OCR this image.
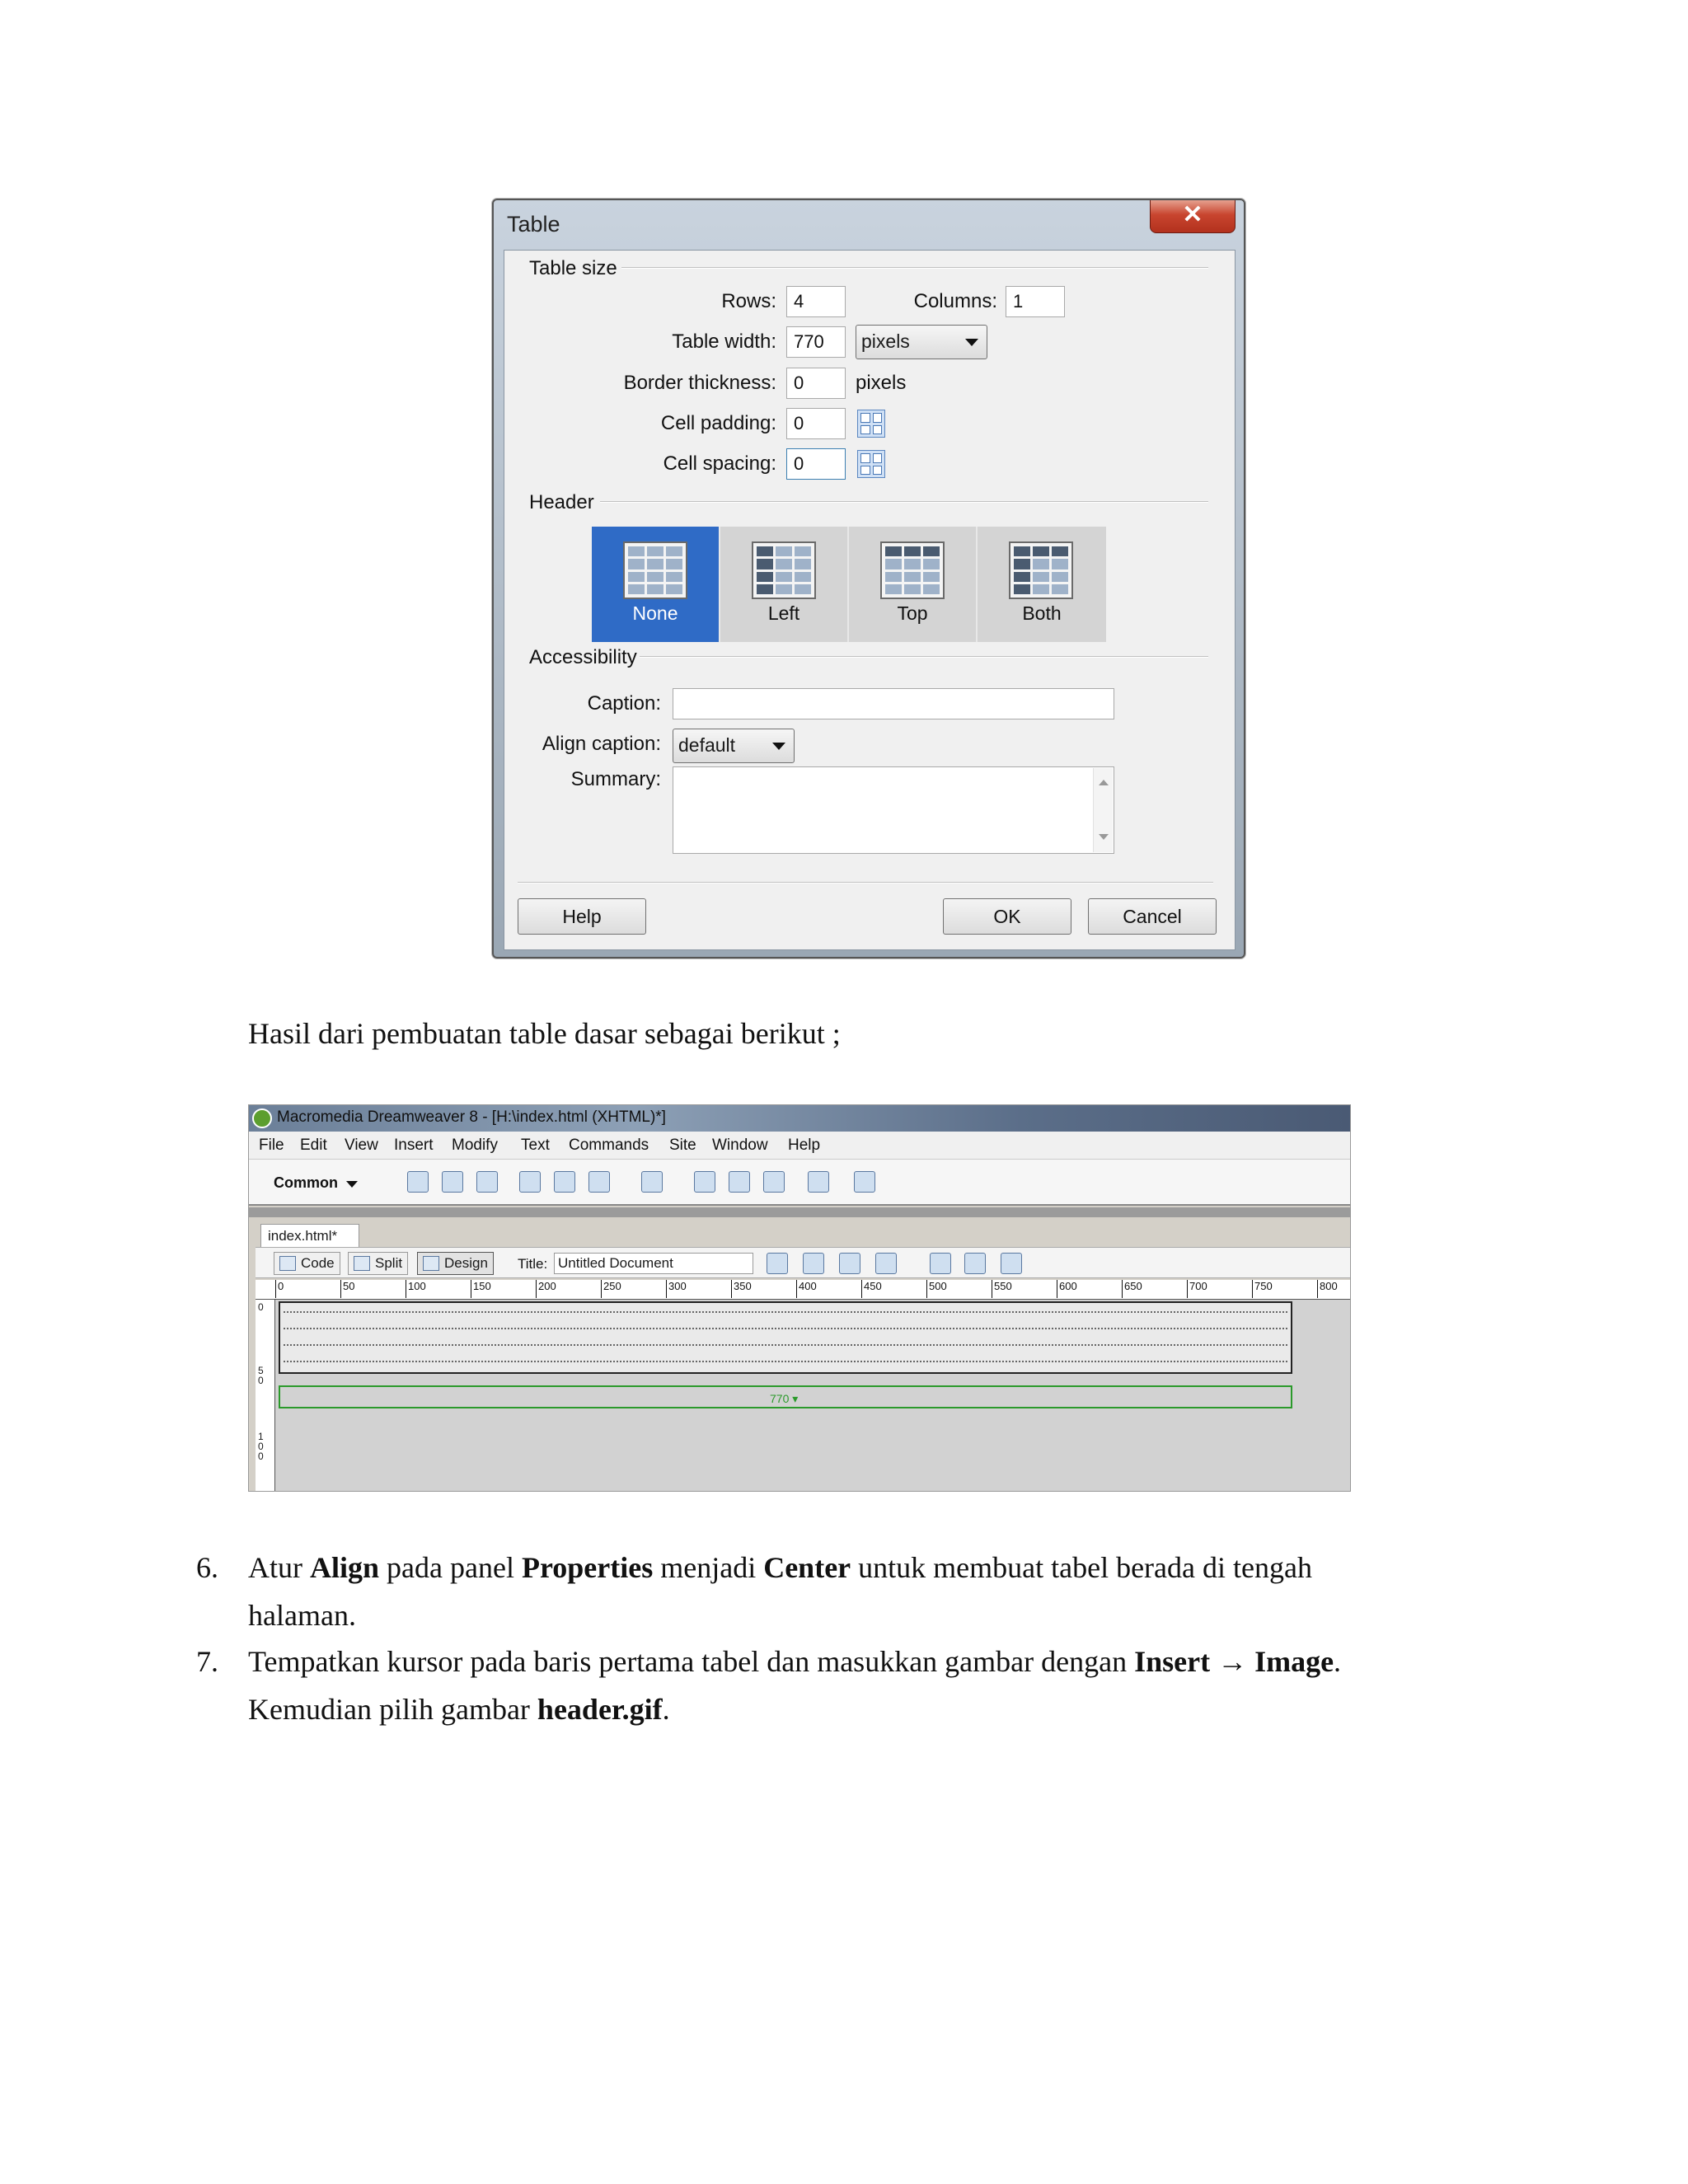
Table	✕
Table size
Rows: 4	Columns: 1
Table width: 770	pixels
Border thickness: 0	pixels
Cell padding: 0
Cell spacing: 0
Header
None	Left	Top	Both
Accessibility
Caption:
Align caption: default
Summary:
Help	OK	Cancel
Hasil dari pembuatan table dasar sebagai berikut ;
Macromedia Dreamweaver 8 - [H:\index.html (XHTML)*]
File Edit View Insert Modify Text Commands Site Window Help
Common
index.html*
Code	Split	Design	Title: Untitled Document
0	50	100	150	200	250	300	350	400	450	500	550	600	650	700	750	800
0
5 0
1 0 0
770 ▾
6. Atur Align pada panel Properties menjadi Center untuk membuat tabel berada di tengah
halaman.
7. Tempatkan kursor pada baris pertama tabel dan masukkan gambar dengan Insert → Image.
Kemudian pilih gambar header.gif.
